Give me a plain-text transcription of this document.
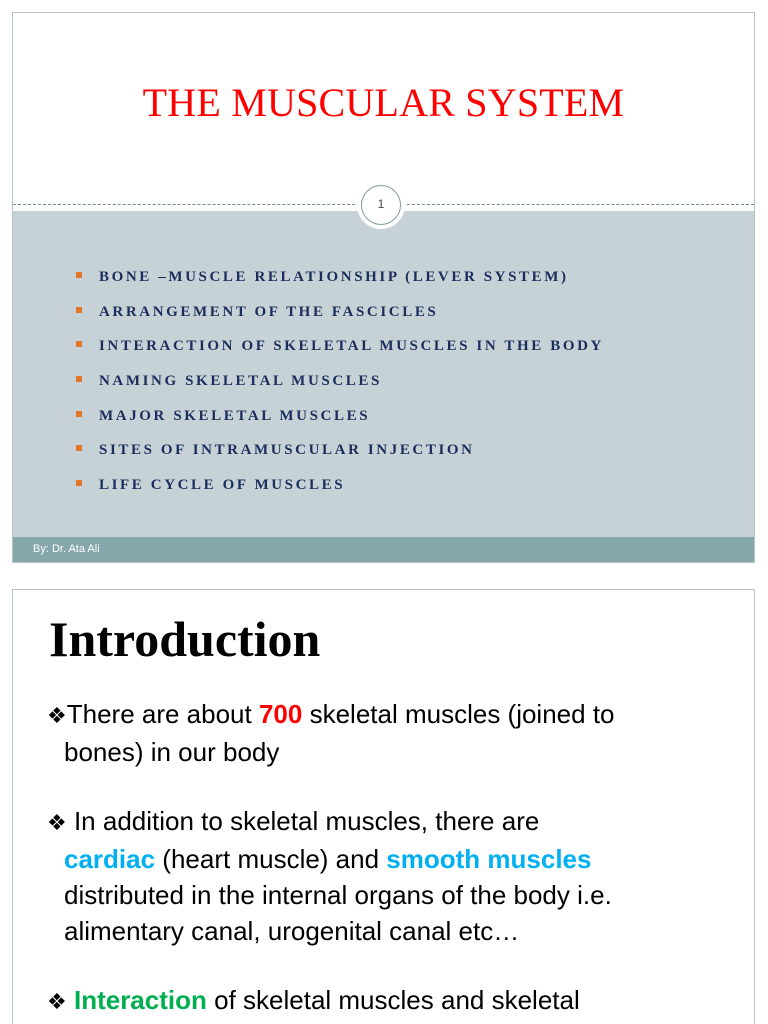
THE MUSCULAR SYSTEM
1
BONE –MUSCLE RELATIONSHIP (LEVER SYSTEM)
ARRANGEMENT OF THE FASCICLES
INTERACTION OF SKELETAL MUSCLES IN THE BODY
NAMING SKELETAL MUSCLES
MAJOR SKELETAL MUSCLES
SITES OF INTRAMUSCULAR INJECTION
LIFE CYCLE OF MUSCLES
By: Dr. Ata Ali
Introduction
❖There are about 700 skeletal muscles (joined to
bones) in our body
❖ In addition to skeletal muscles, there are
cardiac (heart muscle) and smooth muscles
distributed in the internal organs of the body i.e.
alimentary canal, urogenital canal etc…
❖ Interaction of skeletal muscles and skeletal
